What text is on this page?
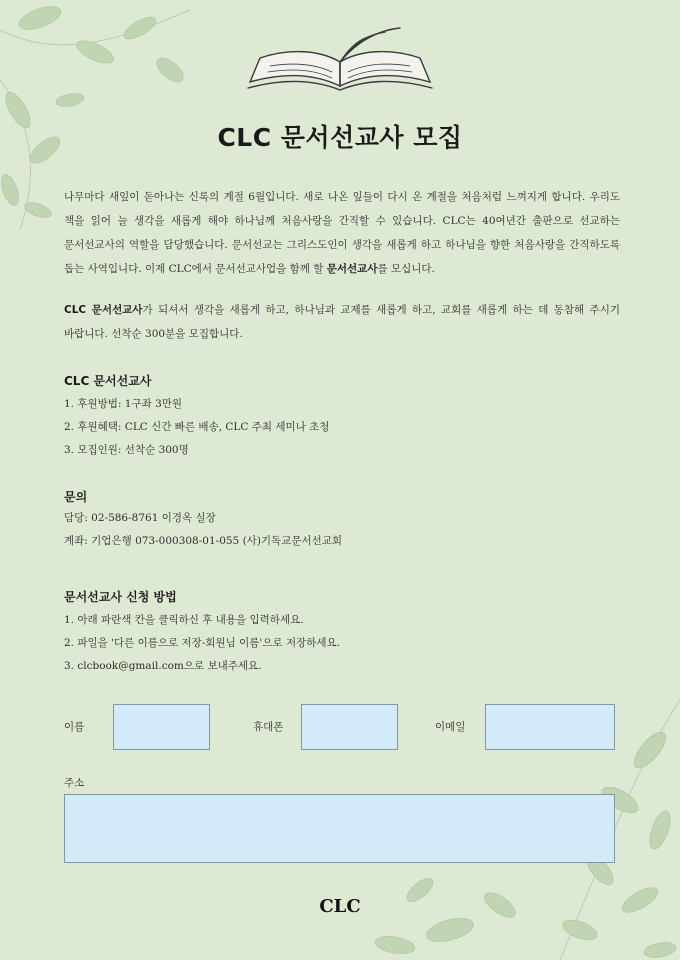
CLC 문서선교사 모집
나무마다 새잎이 돋아나는 신록의 계절 6월입니다. 새로 나온 잎들이 다시 온 계절을 처음처럼 느껴지게 합니다. 우리도 책을 읽어 늘 생각을 새롭게 해야 하나님께 처음사랑을 간직할 수 있습니다. CLC는 40여년간 출판으로 선교하는 문서선교사의 역할을 담당했습니다. 문서선교는 그리스도인이 생각을 새롭게 하고 하나님을 향한 처음사랑을 간직하도록 돕는 사역입니다. 이제 CLC에서 문서선교사업을 함께 할 문서선교사를 모십니다.
CLC 문서선교사가 되셔서 생각을 새롭게 하고, 하나님과 교제를 새롭게 하고, 교회를 새롭게 하는 데 동참해 주시기 바랍니다. 선착순 300분을 모집합니다.
CLC 문서선교사
1. 후원방법: 1구좌 3만원
2. 후원혜택: CLC 신간 빠른 배송, CLC 주최 세미나 초청
3. 모집인원: 선착순 300명
문의
담당: 02-586-8761 이경옥 실장
계좌: 기업은행 073-000308-01-055 (사)기독교문서선교회
문서선교사 신청 방법
1. 아래 파란색 칸을 클릭하신 후 내용을 입력하세요.
2. 파일을 '다른 이름으로 저장-회원님 이름'으로 저장하세요.
3. clcbook@gmail.com으로 보내주세요.
이름	휴대폰	이메일
주소
CLC
